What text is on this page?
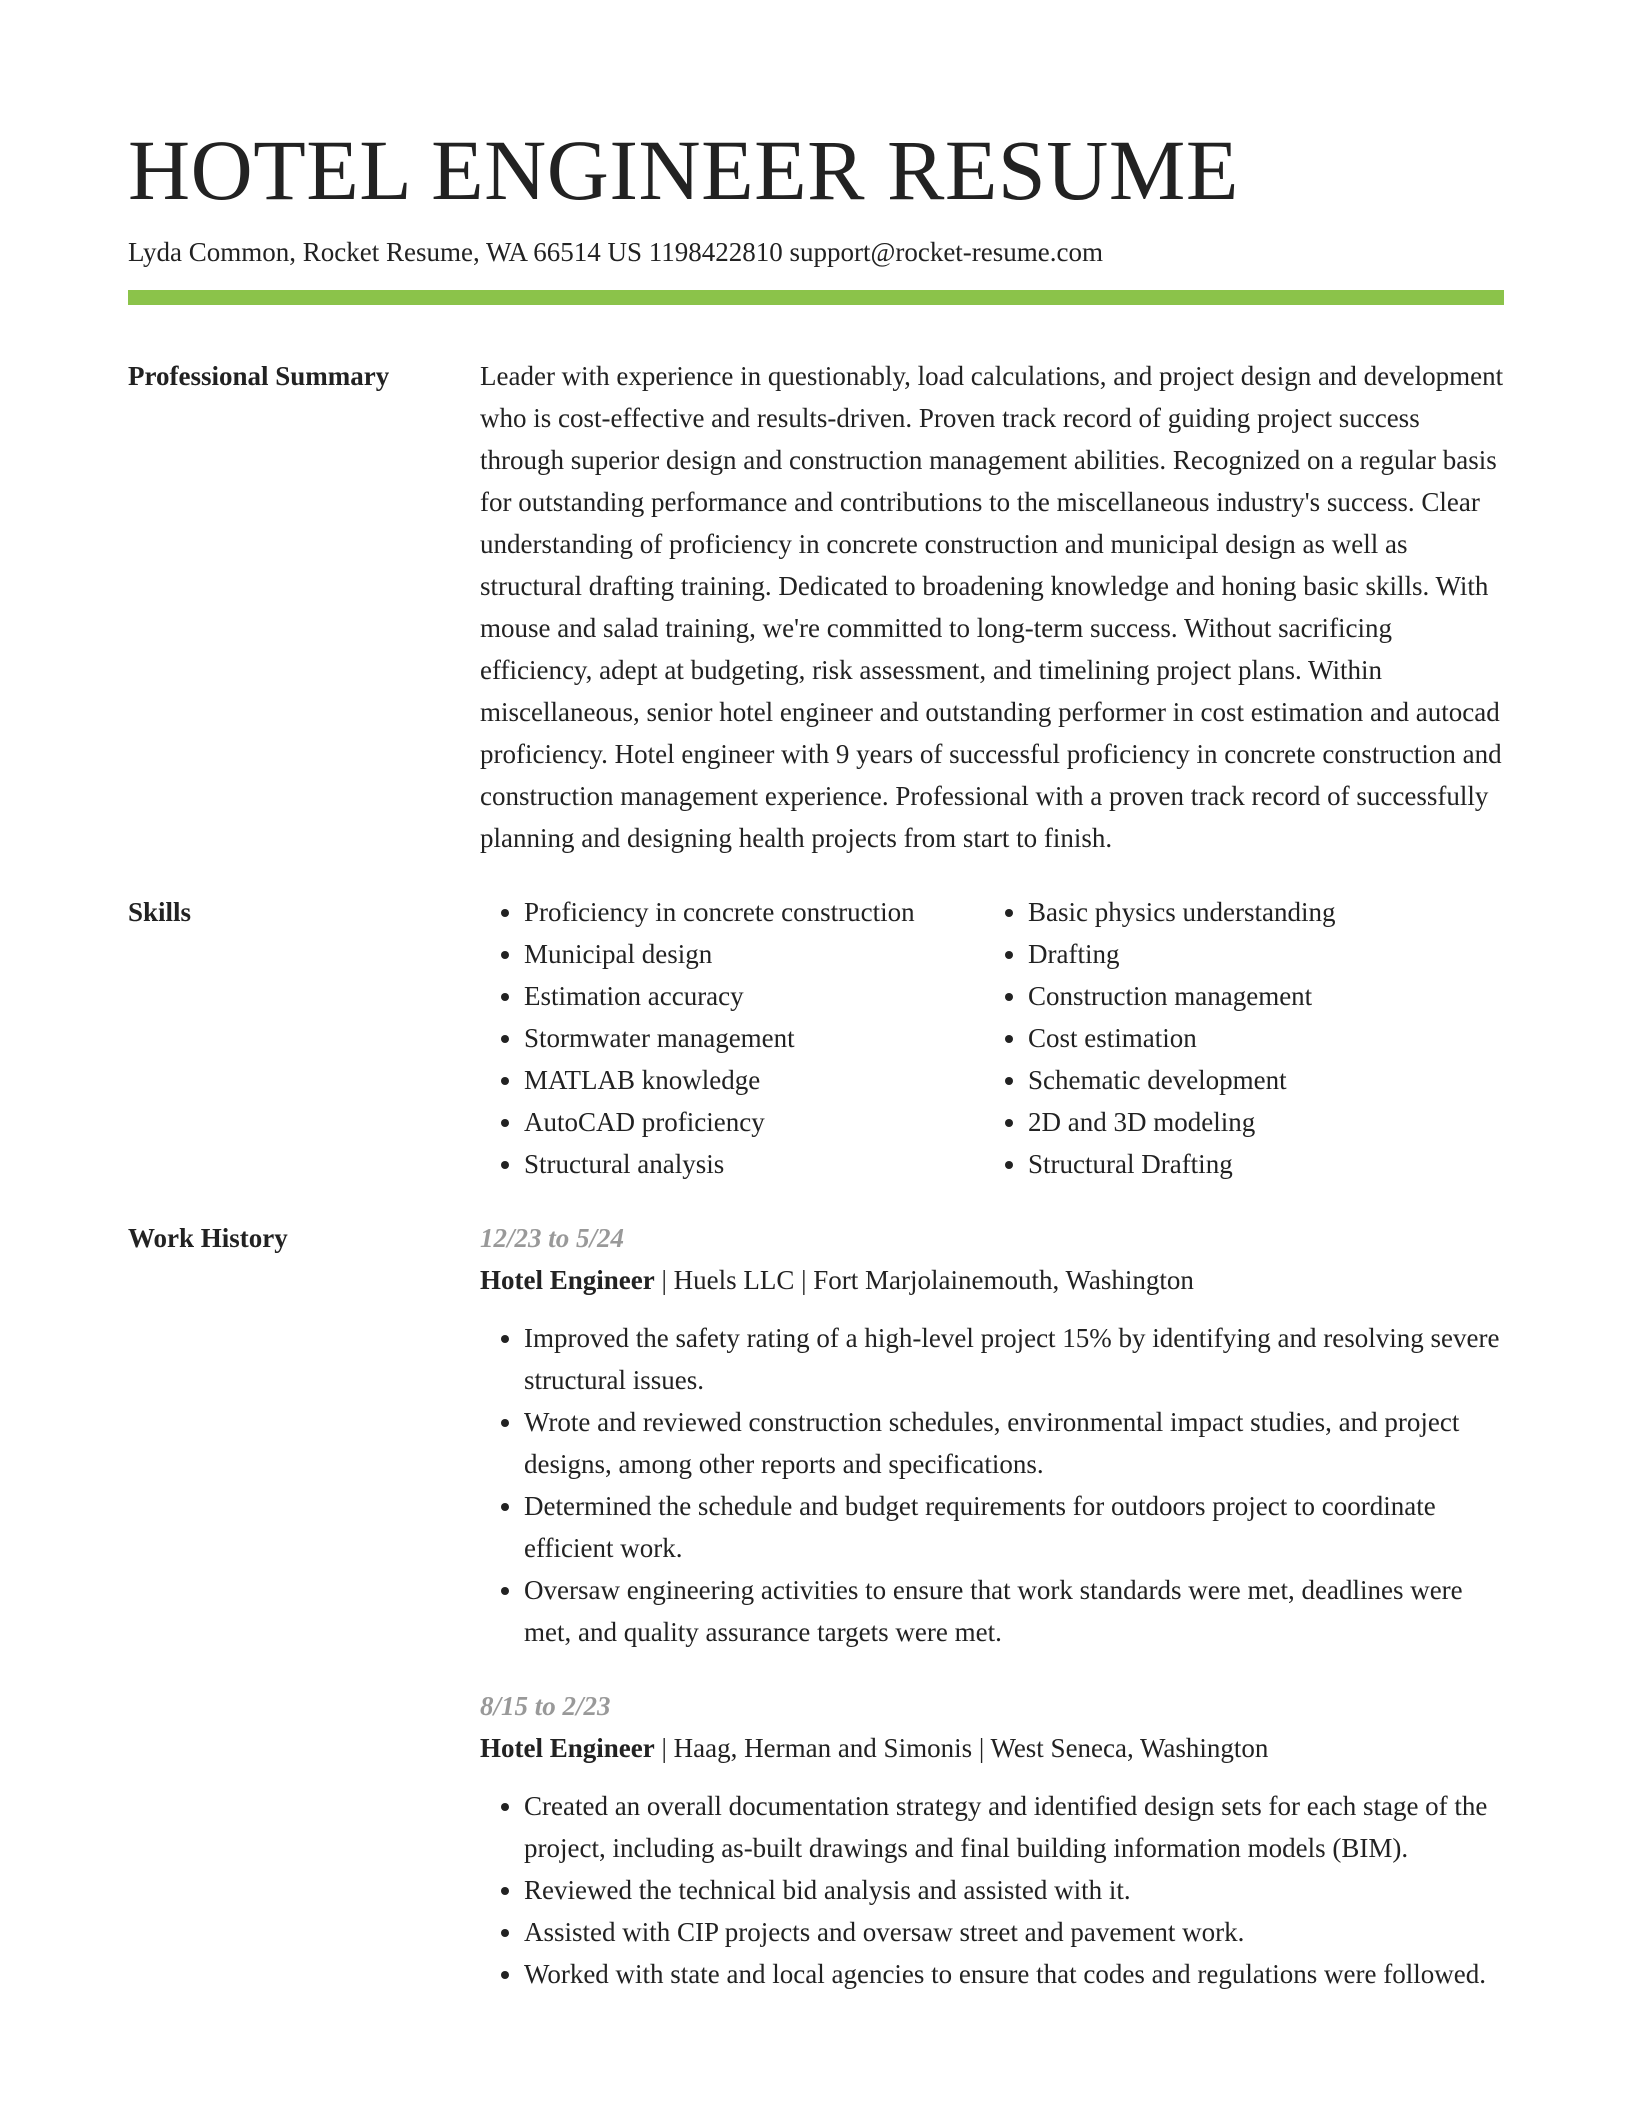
HOTEL ENGINEER RESUME
Lyda Common, Rocket Resume, WA 66514 US 1198422810 support@rocket-resume.com
Professional Summary	Leader with experience in questionably, load calculations, and project design and development who is cost-effective and results-driven. Proven track record of guiding project success through superior design and construction management abilities. Recognized on a regular basis for outstanding performance and contributions to the miscellaneous industry's success. Clear understanding of proficiency in concrete construction and municipal design as well as structural drafting training. Dedicated to broadening knowledge and honing basic skills. With mouse and salad training, we're committed to long-term success. Without sacrificing efficiency, adept at budgeting, risk assessment, and timelining project plans. Within miscellaneous, senior hotel engineer and outstanding performer in cost estimation and autocad proficiency. Hotel engineer with 9 years of successful proficiency in concrete construction and construction management experience. Professional with a proven track record of successfully planning and designing health projects from start to finish.
Skills
•	Proficiency in concrete construction
• Municipal design
• Estimation accuracy
• Stormwater management
• MATLAB knowledge
• AutoCAD proficiency
• Structural analysis
• Basic physics understanding
• Drafting
• Construction management
• Cost estimation
• Schematic development
• 2D and 3D modeling
• Structural Drafting
Work History	12/23 to 5/24
Hotel Engineer | Huels LLC | Fort Marjolainemouth, Washington
• Improved the safety rating of a high-level project 15% by identifying and resolving severe structural issues.
• Wrote and reviewed construction schedules, environmental impact studies, and project designs, among other reports and specifications.
• Determined the schedule and budget requirements for outdoors project to coordinate efficient work.
• Oversaw engineering activities to ensure that work standards were met, deadlines were met, and quality assurance targets were met.
8/15 to 2/23
Hotel Engineer | Haag, Herman and Simonis | West Seneca, Washington
• Created an overall documentation strategy and identified design sets for each stage of the project, including as-built drawings and final building information models (BIM).
• Reviewed the technical bid analysis and assisted with it.
• Assisted with CIP projects and oversaw street and pavement work.
• Worked with state and local agencies to ensure that codes and regulations were followed.
